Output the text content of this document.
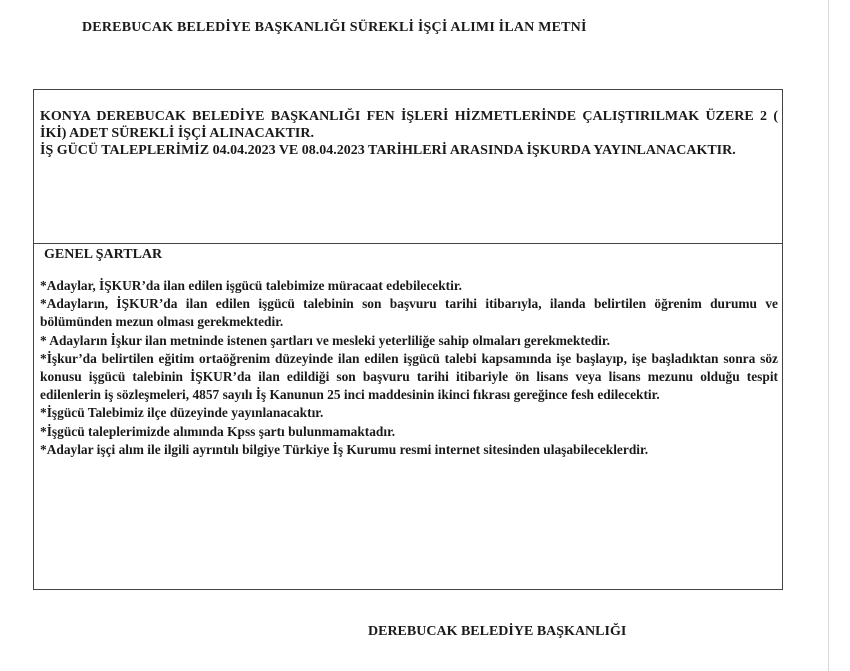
DEREBUCAK BELEDİYE BAŞKANLIĞI SÜREKLİ İŞÇİ ALIMI İLAN METNİ
KONYA DEREBUCAK BELEDİYE BAŞKANLIĞI FEN İŞLERİ HİZMETLERİNDE ÇALIŞTIRILMAK ÜZERE 2 ( İKİ) ADET SÜREKLİ İŞÇİ ALINACAKTIR.
İŞ GÜCÜ TALEPLERİMİZ 04.04.2023 VE 08.04.2023 TARİHLERİ ARASINDA İŞKURDA YAYINLANACAKTIR.
GENEL ŞARTLAR
*Adaylar, İŞKUR’da ilan edilen işgücü talebimize müracaat edebilecektir.
*Adayların, İŞKUR’da ilan edilen işgücü talebinin son başvuru tarihi itibarıyla, ilanda belirtilen öğrenim durumu ve bölümünden mezun olması gerekmektedir.
* Adayların İşkur ilan metninde istenen şartları ve mesleki yeterliliğe sahip olmaları gerekmektedir.
*İşkur’da belirtilen eğitim ortaöğrenim düzeyinde ilan edilen işgücü talebi kapsamında işe başlayıp, işe başladıktan sonra söz konusu işgücü talebinin İŞKUR’da ilan edildiği son başvuru tarihi itibariyle ön lisans veya lisans mezunu olduğu tespit edilenlerin iş sözleşmeleri, 4857 sayılı İş Kanunun 25 inci maddesinin ikinci fıkrası gereğince fesh edilecektir.
*İşgücü Talebimiz ilçe düzeyinde yayınlanacaktır.
*İşgücü taleplerimizde alımında Kpss şartı bulunmamaktadır.
*Adaylar işçi alım ile ilgili ayrıntılı bilgiye Türkiye İş Kurumu resmi internet sitesinden ulaşabileceklerdir.
DEREBUCAK BELEDİYE BAŞKANLIĞI
